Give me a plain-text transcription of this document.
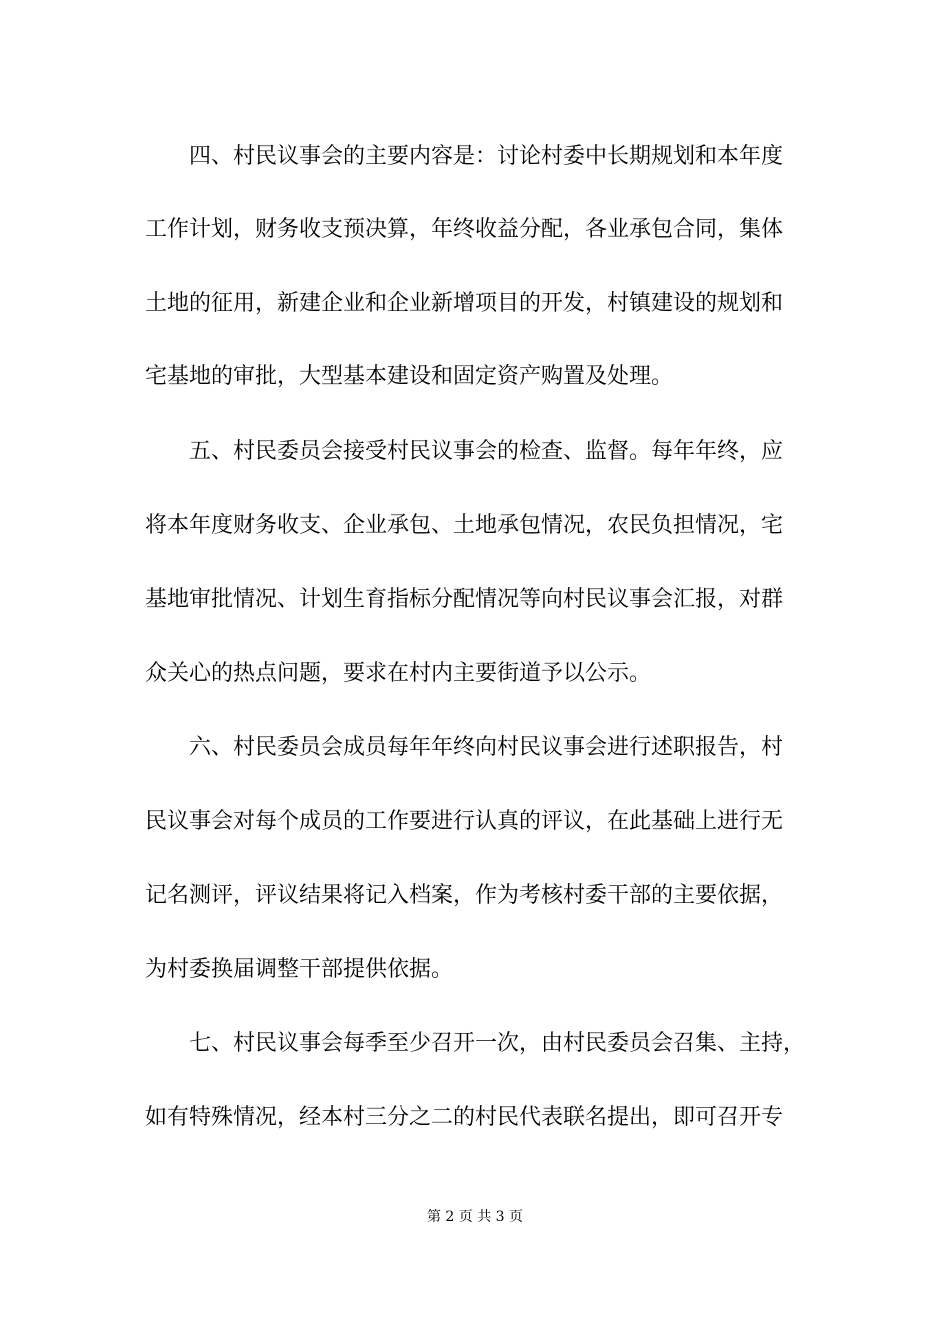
四、村民议事会的主要内容是：讨论村委中长期规划和本年度
工作计划，财务收支预决算，年终收益分配，各业承包合同，集体
土地的征用，新建企业和企业新增项目的开发，村镇建设的规划和
宅基地的审批，大型基本建设和固定资产购置及处理。
五、村民委员会接受村民议事会的检查、监督。每年年终，应
将本年度财务收支、企业承包、土地承包情况，农民负担情况，宅
基地审批情况、计划生育指标分配情况等向村民议事会汇报，对群
众关心的热点问题，要求在村内主要街道予以公示。
六、村民委员会成员每年年终向村民议事会进行述职报告，村
民议事会对每个成员的工作要进行认真的评议，在此基础上进行无
记名测评，评议结果将记入档案，作为考核村委干部的主要依据，
为村委换届调整干部提供依据。
七、村民议事会每季至少召开一次，由村民委员会召集、主持，
如有特殊情况，经本村三分之二的村民代表联名提出，即可召开专
第 2 页 共 3 页
